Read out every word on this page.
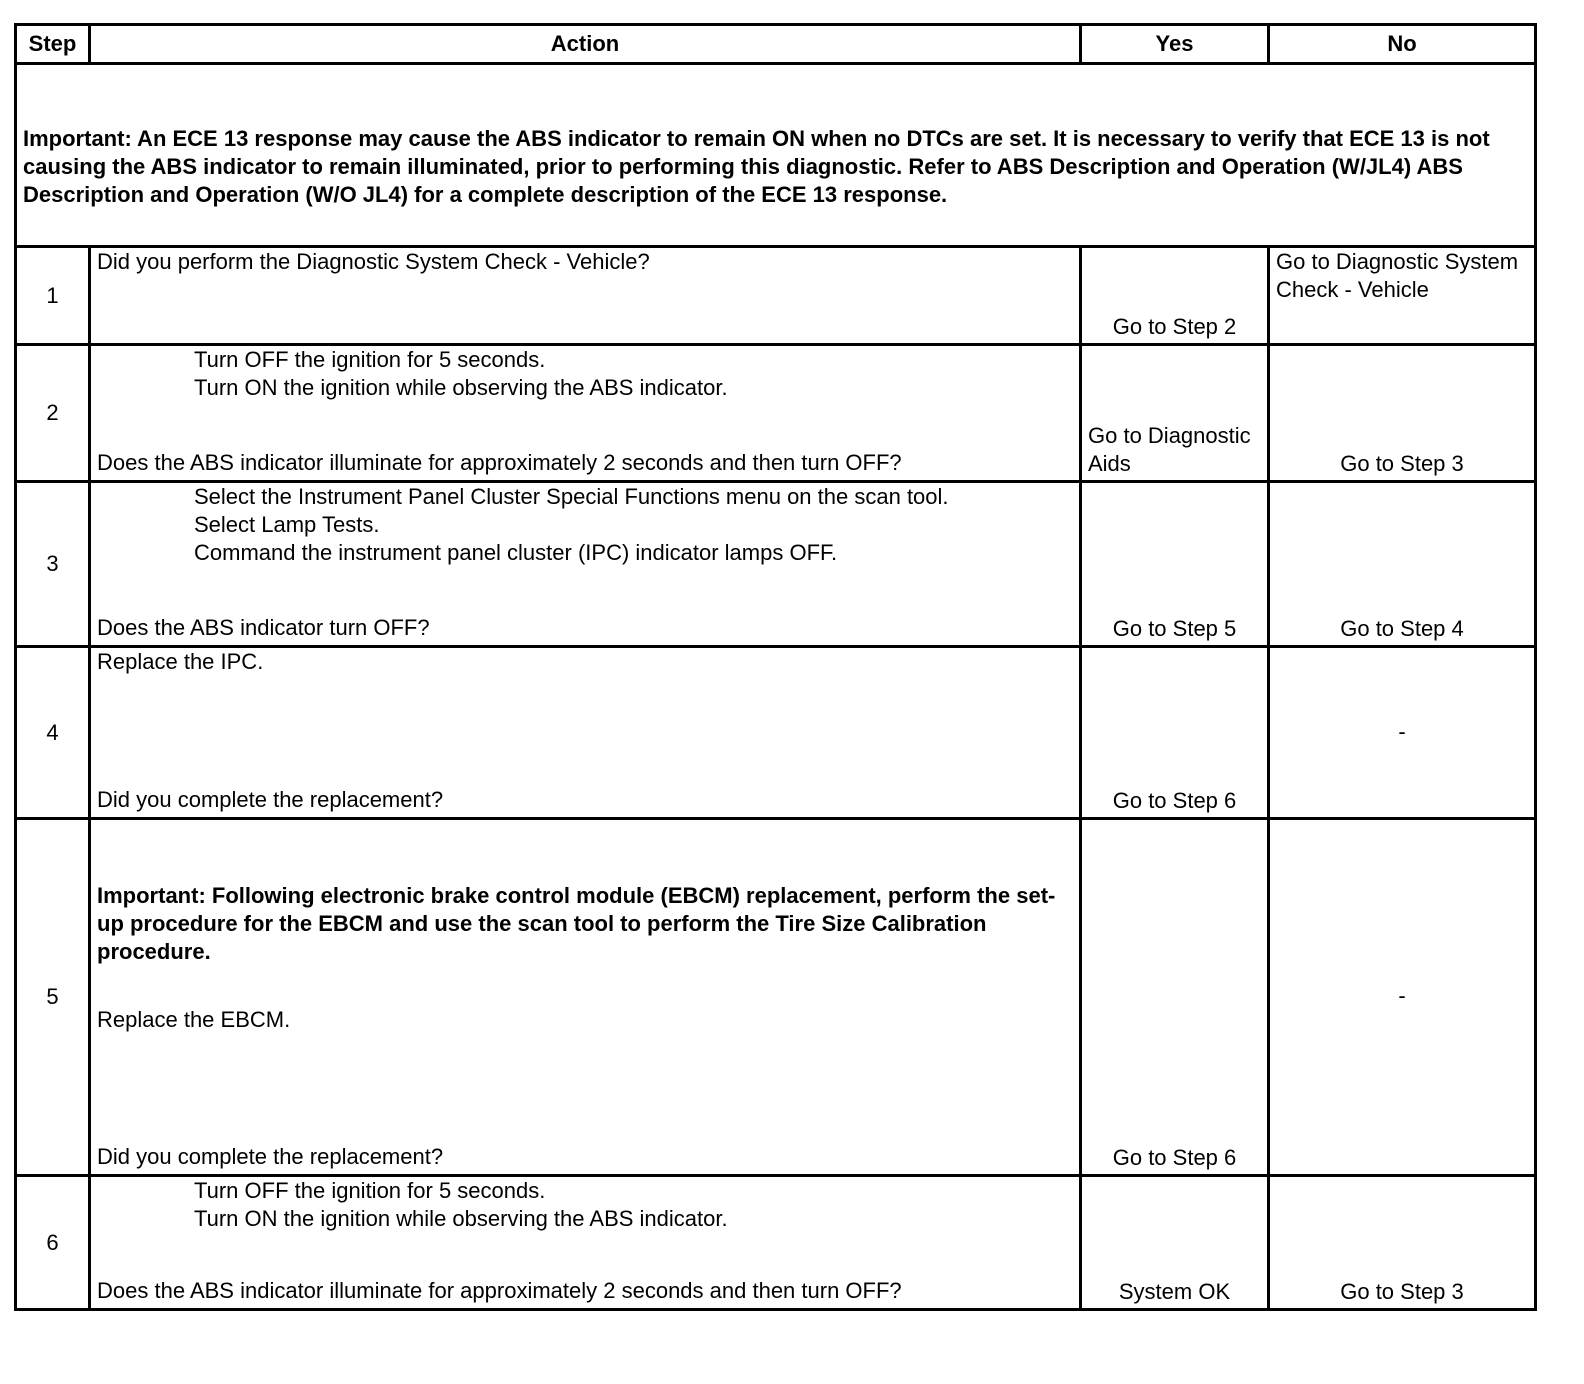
Step	Action	Yes	No
Important: An ECE 13 response may cause the ABS indicator to remain ON when no DTCs are set. It is necessary to verify that ECE 13 is not causing the ABS indicator to remain illuminated, prior to performing this diagnostic. Refer to ABS Description and Operation (W/JL4) ABS Description and Operation (W/O JL4) for a complete description of the ECE 13 response.			
1	Did you perform the Diagnostic System Check - Vehicle?	Go to Step 2	Go to Diagnostic System Check - Vehicle
2	Turn OFF the ignition for 5 seconds.
Turn ON the ignition while observing the ABS indicator.
Does the ABS indicator illuminate for approximately 2 seconds and then turn OFF?	Go to Diagnostic Aids	Go to Step 3
3	Select the Instrument Panel Cluster Special Functions menu on the scan tool.
Select Lamp Tests.
Command the instrument panel cluster (IPC) indicator lamps OFF.
Does the ABS indicator turn OFF?	Go to Step 5	Go to Step 4
4	Replace the IPC.
Did you complete the replacement?	Go to Step 6	-
5	Important: Following electronic brake control module (EBCM) replacement, perform the set-up procedure for the EBCM and use the scan tool to perform the Tire Size Calibration procedure.
Replace the EBCM.
Did you complete the replacement?	Go to Step 6	-
6	Turn OFF the ignition for 5 seconds.
Turn ON the ignition while observing the ABS indicator.
Does the ABS indicator illuminate for approximately 2 seconds and then turn OFF?	System OK	Go to Step 3
